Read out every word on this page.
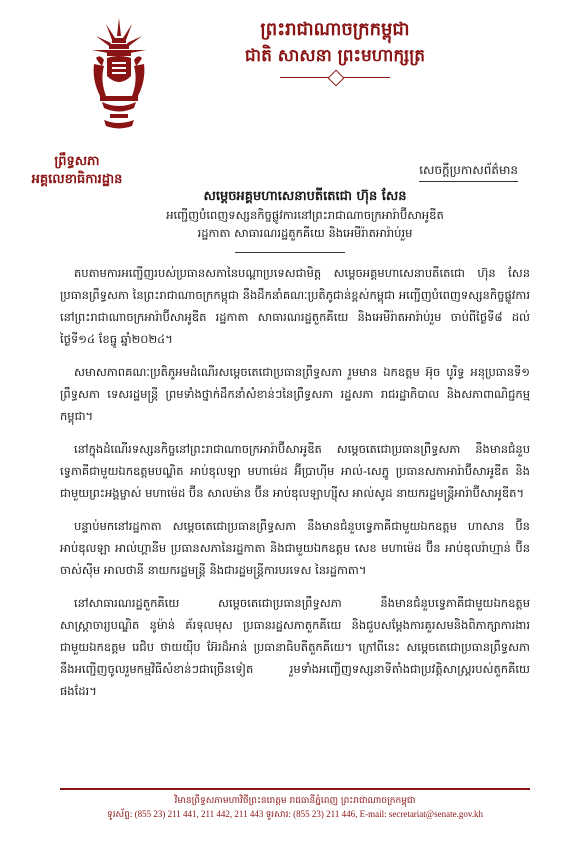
ព្រះរាជាណាចក្រកម្ពុជា
ជាតិ សាសនា ព្រះមហាក្សត្រ
ព្រឹទ្ធសភា
អគ្គលេខាធិការដ្ឋាន
សេចក្ដីប្រកាសព័ត៌មាន
សម្ដេចអគ្គមហាសេនាបតីតេជោ ហ៊ុន សែន
អញ្ជើញបំពេញទស្សនកិច្ចផ្លូវការនៅព្រះរាជាណាចក្រអារ៉ាប៊ីសាអូឌីត
រដ្ឋកាតា សាធារណរដ្ឋតួកគីយេ និងអេមីរ៉ាតអារ៉ាប់រួម

តបតាមការអញ្ជើញរបស់ប្រធានសភានៃបណ្ដាប្រទេសជាមិត្ត សម្ដេចអគ្គមហាសេនាបតីតេជោ ហ៊ុន សែន ប្រធានព្រឹទ្ធសភា នៃព្រះរាជាណាចក្រកម្ពុជា នឹងដឹកនាំគណៈប្រតិភូជាន់ខ្ពស់កម្ពុជា អញ្ជើញបំពេញទស្សនកិច្ចផ្លូវការ នៅព្រះរាជាណាចក្រអារ៉ាប៊ីសាអូឌីត រដ្ឋកាតា សាធារណរដ្ឋតួកគីយេ និងអេមីរ៉ាតអារ៉ាប់រួម ចាប់ពីថ្ងៃទី៨ ដល់ថ្ងៃទី១៤ ខែធ្នូ ឆ្នាំ២០២៤។

សមាសភាពគណៈប្រតិភូអមដំណើរសម្ដេចតេជោប្រធានព្រឹទ្ធសភា រួមមាន ឯកឧត្ដម អ៊ុច បូរិទ្ធ អនុប្រធានទី១ ព្រឹទ្ធសភា ទេសរដ្ឋមន្ត្រី ព្រមទាំងថ្នាក់ដឹកនាំសំខាន់ៗនៃព្រឹទ្ធសភា រដ្ឋសភា រាជរដ្ឋាភិបាល និងសភាពាណិជ្ជកម្មកម្ពុជា។

នៅក្នុងដំណើរទស្សនកិច្ចនៅព្រះរាជាណាចក្រអារ៉ាប៊ីសាអូឌីត សម្ដេចតេជោប្រធានព្រឹទ្ធសភា នឹងមានជំនួបទ្វេភាគីជាមួយឯកឧត្ដមបណ្ឌិត អាប់ឌុលឡា មហាម៉េដ អ៊ីប្រាហ៊ីម អាល់-សេភ្នូ ប្រធានសភាអារ៉ាប៊ីសាអូឌីត និងជាមួយព្រះអង្គម្ចាស់ មហាម៉េដ ប៊ីន សាលម៉ាន ប៊ីន អាប់ឌុលឡាហ្ស៊ីស អាល់សូដ នាយករដ្ឋមន្ត្រីអារ៉ាប៊ីសាអូឌីត។

បន្ទាប់មកនៅរដ្ឋកាតា សម្ដេចតេជោប្រធានព្រឹទ្ធសភា នឹងមានជំនួបទ្វេភាគីជាមួយឯកឧត្ដម ហាសាន ប៊ីន អាប់ឌុលឡា អាល់ហ្គានីម ប្រធានសភានៃរដ្ឋកាតា និងជាមួយឯកឧត្ដម សេខ មហាម៉េដ ប៊ីន អាប់ឌុលរ៉ាហ្មាន់ ប៊ីន ចាស់ស៊ីម អាលថានី នាយករដ្ឋមន្ត្រី និងជារដ្ឋមន្ត្រីការបរទេស នៃរដ្ឋកាតា។

នៅសាធារណរដ្ឋតួកគីយេ សម្ដេចតេជោប្រធានព្រឹទ្ធសភា នឹងមានជំនួបទ្វេភាគីជាមួយឯកឧត្ដម សាស្ត្រាចារ្យបណ្ឌិត នូម៉ាន់ គ័រទុលមុស ប្រធានរដ្ឋសភាតួកគីយេ និងជួបសម្ដែងការគួរសមនិងពិភាក្សាការងារជាមួយឯកឧត្ដម រេជិប ថាយយ៉ីប អ៊ែរដ៏អាន់ ប្រធានាធិបតីតួកគីយេ។ ក្រៅពីនេះ សម្ដេចតេជោប្រធានព្រឹទ្ធសភា នឹងអញ្ជើញចូលរួមកម្មវិធីសំខាន់ៗជាច្រើនទៀត រួមទាំងអញ្ជើញទស្សនាទីតាំងជាប្រវត្តិសាស្ត្ររបស់តួកគីយេ ផងដែរ។

វិមានព្រឹទ្ធសភាមហាវិថីព្រះនរោត្តម រាជធានីភ្នំពេញ ព្រះរាជាណាចក្រកម្ពុជា
ទូរស័ព្ទ: (855 23) 211 441, 211 442, 211 443 ទូរសារ: (855 23) 211 446, E-mail: secretariat@senate.gov.kh
